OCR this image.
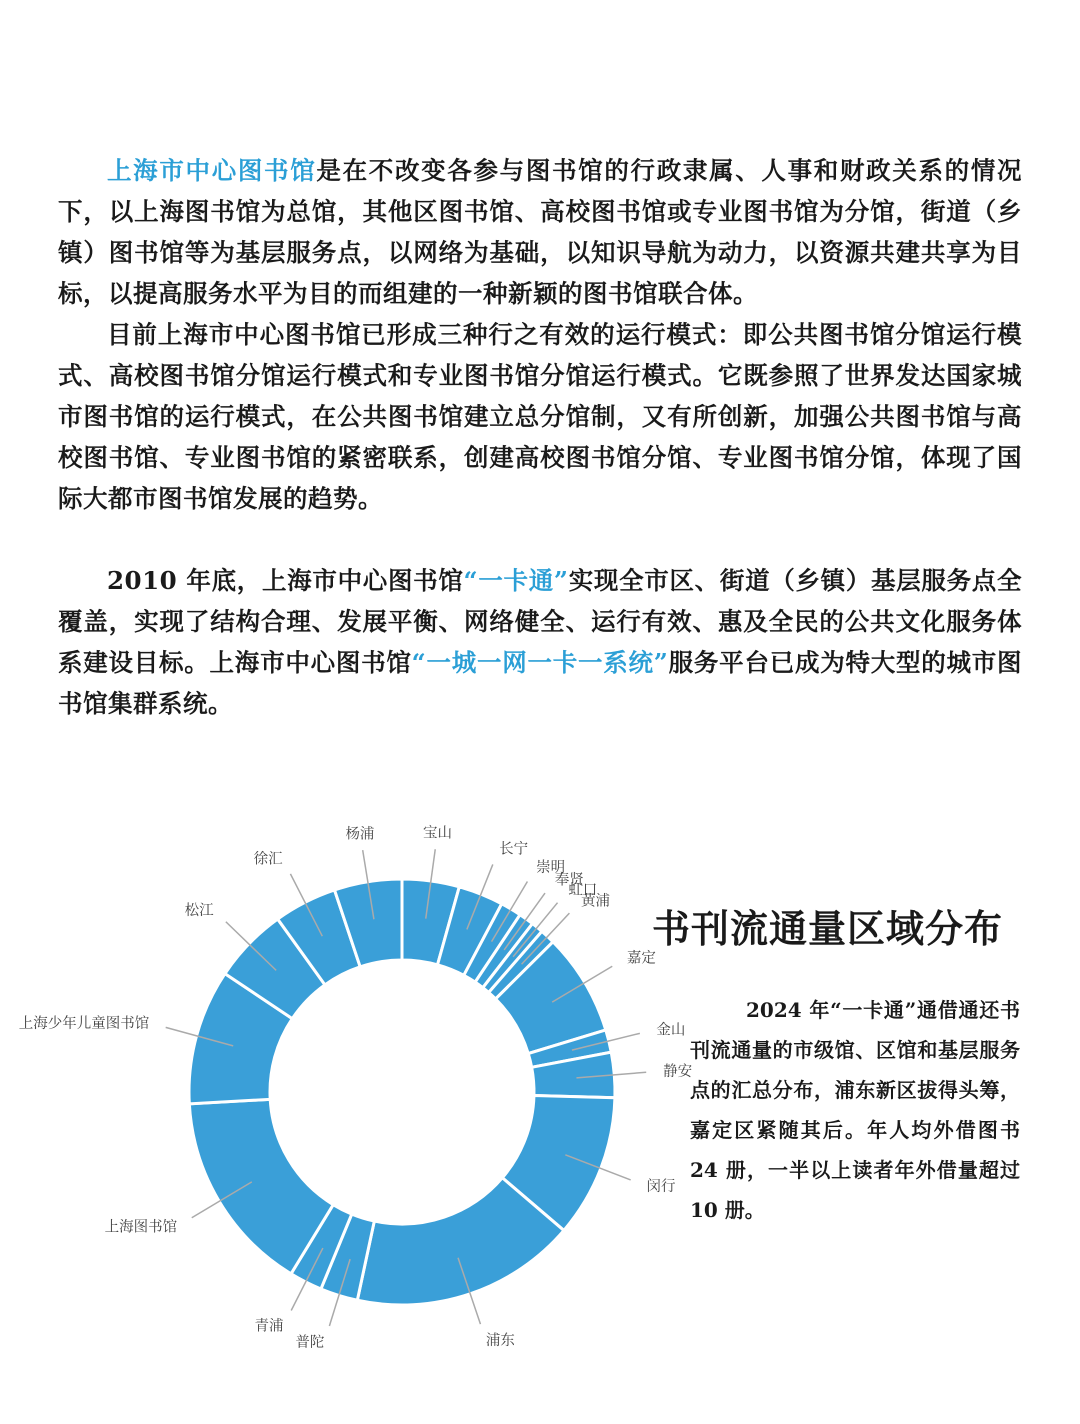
上海市中心图书馆是在不改变各参与图书馆的行政隶属、人事和财政关系的情况下，以上海图书馆为总馆，其他区图书馆、高校图书馆或专业图书馆为分馆，街道（乡镇）图书馆等为基层服务点，以网络为基础，以知识导航为动力，以资源共建共享为目标，以提高服务水平为目的而组建的一种新颖的图书馆联合体。

目前上海市中心图书馆已形成三种行之有效的运行模式：即公共图书馆分馆运行模式、高校图书馆分馆运行模式和专业图书馆分馆运行模式。它既参照了世界发达国家城市图书馆的运行模式，在公共图书馆建立总分馆制，又有所创新，加强公共图书馆与高校图书馆、专业图书馆的紧密联系，创建高校图书馆分馆、专业图书馆分馆，体现了国际大都市图书馆发展的趋势。

2010 年底，上海市中心图书馆“一卡通”实现全市区、街道（乡镇）基层服务点全覆盖，实现了结构合理、发展平衡、网络健全、运行有效、惠及全民的公共文化服务体系建设目标。上海市中心图书馆“一城一网一卡一系统”服务平台已成为特大型的城市图书馆集群系统。

宝山
长宁
崇明
奉贤
虹口
黄浦
嘉定
金山
静安
闵行
浦东
普陀
青浦
上海图书馆
上海少年儿童图书馆
松江
徐汇
杨浦
书刊流通量区域分布

2024 年“一卡通”通借通还书刊流通量的市级馆、区馆和基层服务点的汇总分布，浦东新区拔得头筹，嘉定区紧随其后。年人均外借图书 24 册，一半以上读者年外借量超过 10 册。
